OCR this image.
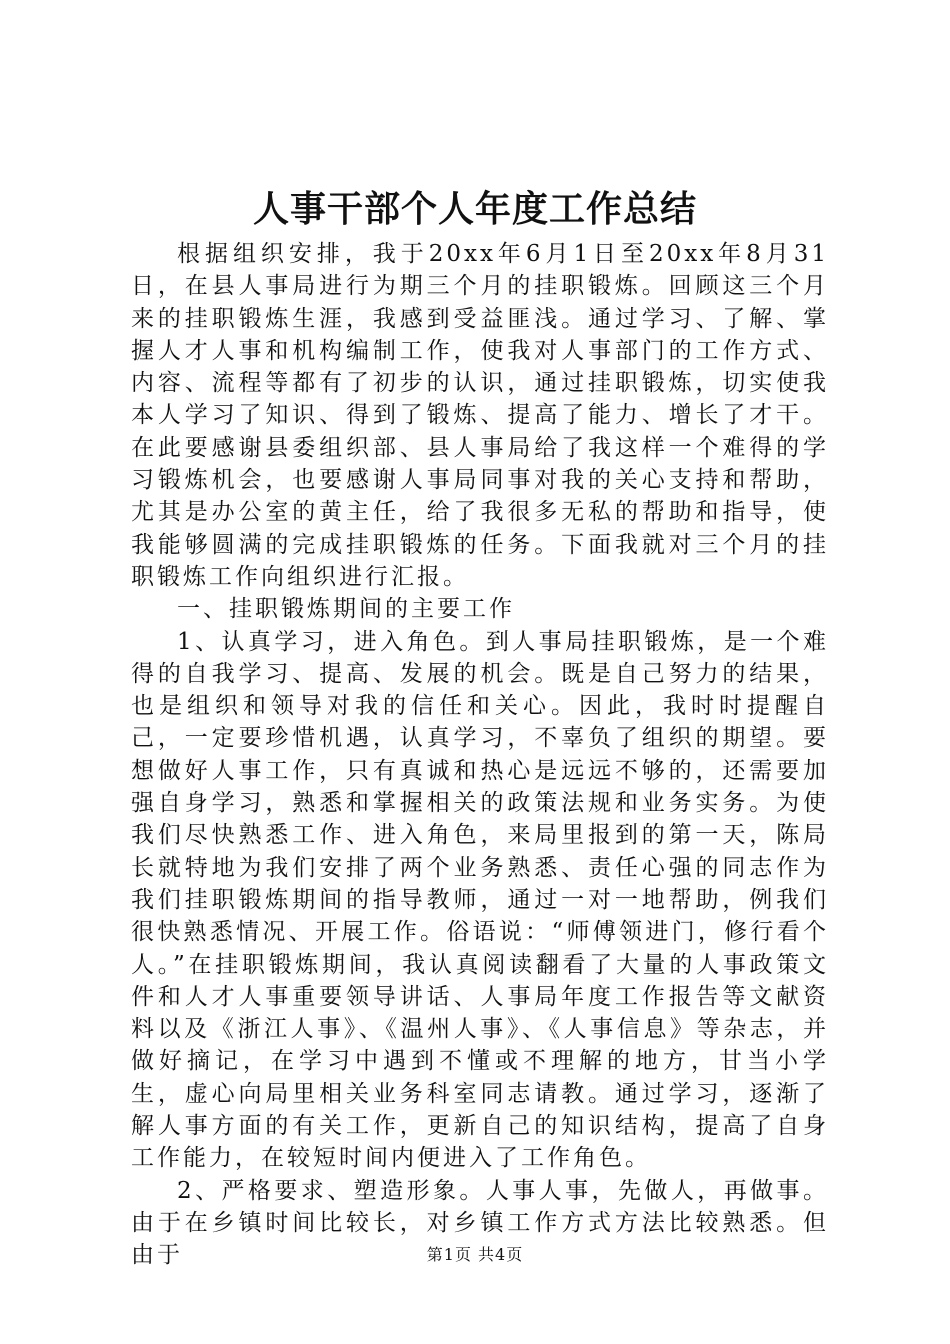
人事干部个人年度工作总结

根据组织安排，我于20xx年6月1日至20xx年8月31日，在县人事局进行为期三个月的挂职锻炼。回顾这三个月来的挂职锻炼生涯，我感到受益匪浅。通过学习、了解、掌握人才人事和机构编制工作，使我对人事部门的工作方式、内容、流程等都有了初步的认识，通过挂职锻炼，切实使我本人学习了知识、得到了锻炼、提高了能力、增长了才干。在此要感谢县委组织部、县人事局给了我这样一个难得的学习锻炼机会，也要感谢人事局同事对我的关心支持和帮助，尤其是办公室的黄主任，给了我很多无私的帮助和指导，使我能够圆满的完成挂职锻炼的任务。下面我就对三个月的挂职锻炼工作向组织进行汇报。

一、挂职锻炼期间的主要工作

1、认真学习，进入角色。到人事局挂职锻炼，是一个难得的自我学习、提高、发展的机会。既是自己努力的结果，也是组织和领导对我的信任和关心。因此，我时时提醒自己，一定要珍惜机遇，认真学习，不辜负了组织的期望。要想做好人事工作，只有真诚和热心是远远不够的，还需要加强自身学习，熟悉和掌握相关的政策法规和业务实务。为使我们尽快熟悉工作、进入角色，来局里报到的第一天，陈局长就特地为我们安排了两个业务熟悉、责任心强的同志作为我们挂职锻炼期间的指导教师，通过一对一地帮助，例我们很快熟悉情况、开展工作。俗语说：“师傅领进门，修行看个人。”在挂职锻炼期间，我认真阅读翻看了大量的人事政策文件和人才人事重要领导讲话、人事局年度工作报告等文献资料以及《浙江人事》、《温州人事》、《人事信息》等杂志，并做好摘记，在学习中遇到不懂或不理解的地方，甘当小学生，虚心向局里相关业务科室同志请教。通过学习，逐渐了解人事方面的有关工作，更新自己的知识结构，提高了自身工作能力，在较短时间内便进入了工作角色。

2、严格要求、塑造形象。人事人事，先做人，再做事。由于在乡镇时间比较长，对乡镇工作方式方法比较熟悉。但由于	第1页 共4页
